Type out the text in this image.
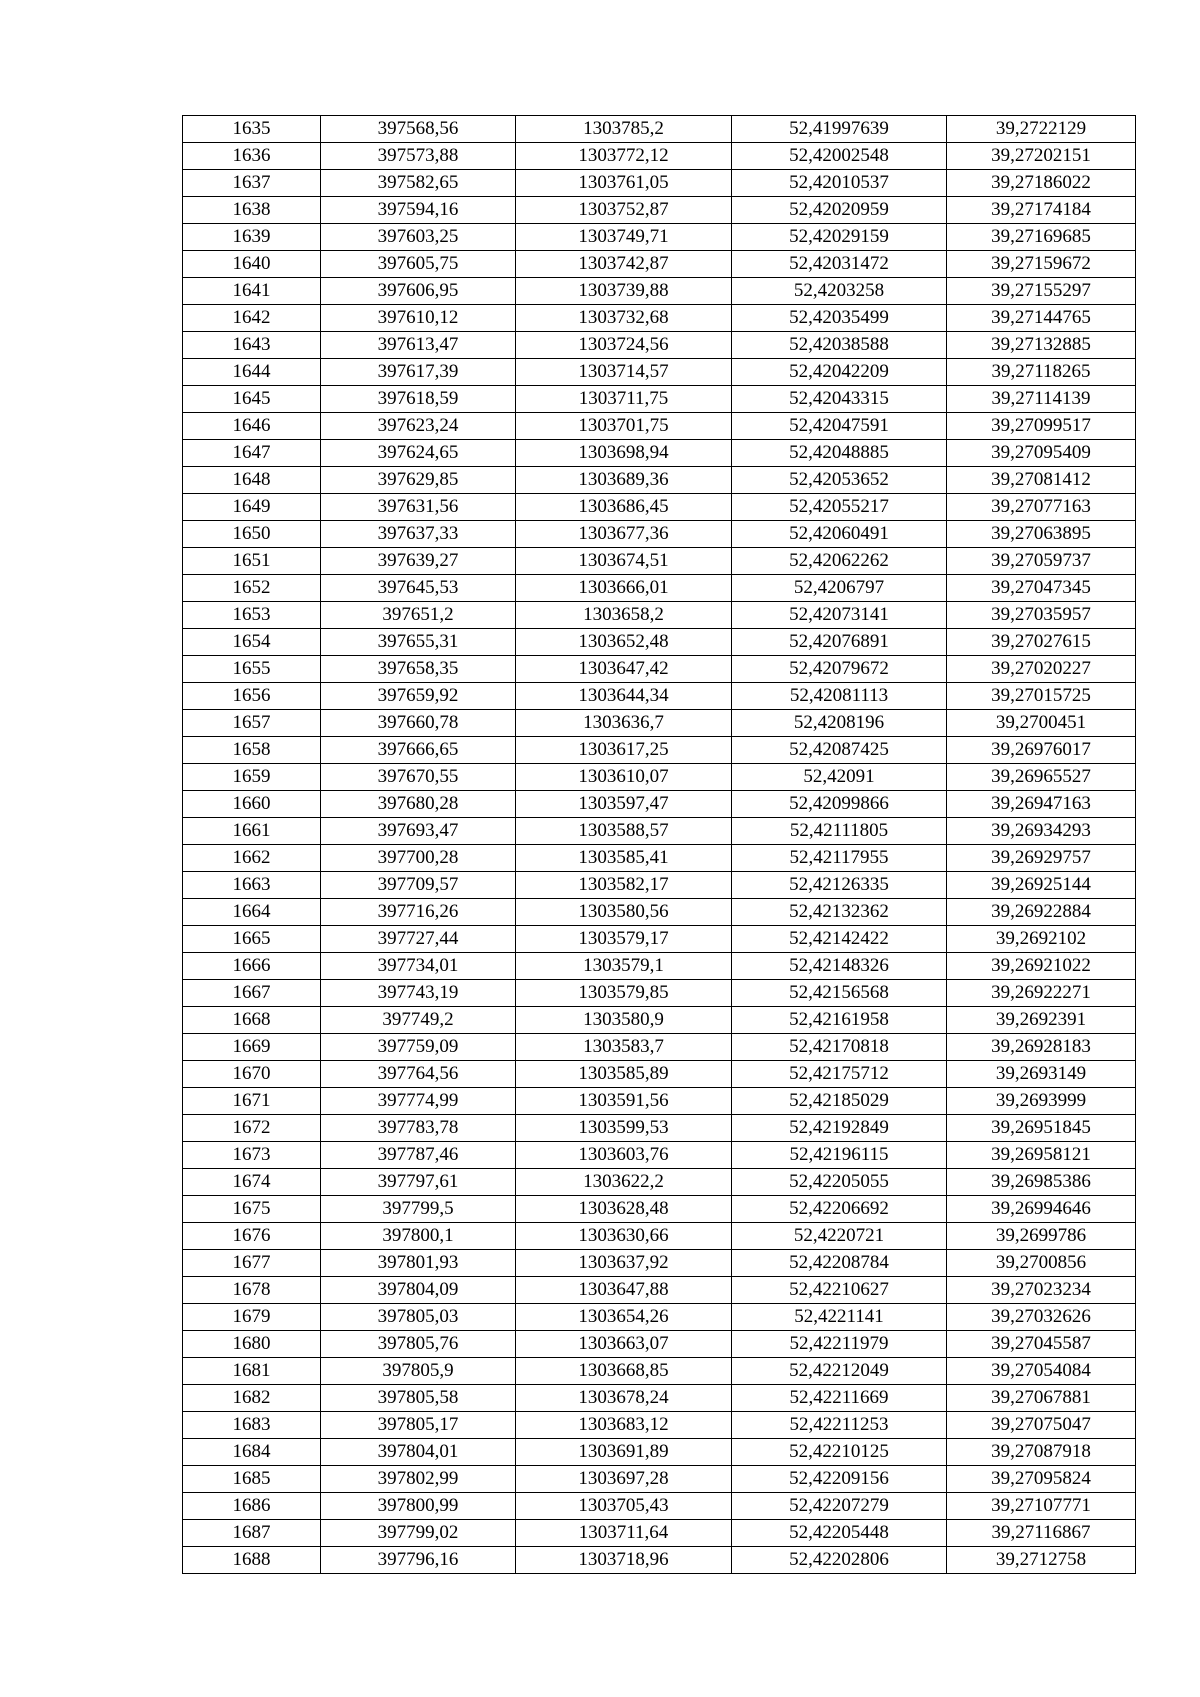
1635	397568,56	1303785,2	52,41997639	39,2722129
1636	397573,88	1303772,12	52,42002548	39,27202151
1637	397582,65	1303761,05	52,42010537	39,27186022
1638	397594,16	1303752,87	52,42020959	39,27174184
1639	397603,25	1303749,71	52,42029159	39,27169685
1640	397605,75	1303742,87	52,42031472	39,27159672
1641	397606,95	1303739,88	52,4203258	39,27155297
1642	397610,12	1303732,68	52,42035499	39,27144765
1643	397613,47	1303724,56	52,42038588	39,27132885
1644	397617,39	1303714,57	52,42042209	39,27118265
1645	397618,59	1303711,75	52,42043315	39,27114139
1646	397623,24	1303701,75	52,42047591	39,27099517
1647	397624,65	1303698,94	52,42048885	39,27095409
1648	397629,85	1303689,36	52,42053652	39,27081412
1649	397631,56	1303686,45	52,42055217	39,27077163
1650	397637,33	1303677,36	52,42060491	39,27063895
1651	397639,27	1303674,51	52,42062262	39,27059737
1652	397645,53	1303666,01	52,4206797	39,27047345
1653	397651,2	1303658,2	52,42073141	39,27035957
1654	397655,31	1303652,48	52,42076891	39,27027615
1655	397658,35	1303647,42	52,42079672	39,27020227
1656	397659,92	1303644,34	52,42081113	39,27015725
1657	397660,78	1303636,7	52,4208196	39,2700451
1658	397666,65	1303617,25	52,42087425	39,26976017
1659	397670,55	1303610,07	52,42091	39,26965527
1660	397680,28	1303597,47	52,42099866	39,26947163
1661	397693,47	1303588,57	52,42111805	39,26934293
1662	397700,28	1303585,41	52,42117955	39,26929757
1663	397709,57	1303582,17	52,42126335	39,26925144
1664	397716,26	1303580,56	52,42132362	39,26922884
1665	397727,44	1303579,17	52,42142422	39,2692102
1666	397734,01	1303579,1	52,42148326	39,26921022
1667	397743,19	1303579,85	52,42156568	39,26922271
1668	397749,2	1303580,9	52,42161958	39,2692391
1669	397759,09	1303583,7	52,42170818	39,26928183
1670	397764,56	1303585,89	52,42175712	39,2693149
1671	397774,99	1303591,56	52,42185029	39,2693999
1672	397783,78	1303599,53	52,42192849	39,26951845
1673	397787,46	1303603,76	52,42196115	39,26958121
1674	397797,61	1303622,2	52,42205055	39,26985386
1675	397799,5	1303628,48	52,42206692	39,26994646
1676	397800,1	1303630,66	52,4220721	39,2699786
1677	397801,93	1303637,92	52,42208784	39,2700856
1678	397804,09	1303647,88	52,42210627	39,27023234
1679	397805,03	1303654,26	52,4221141	39,27032626
1680	397805,76	1303663,07	52,42211979	39,27045587
1681	397805,9	1303668,85	52,42212049	39,27054084
1682	397805,58	1303678,24	52,42211669	39,27067881
1683	397805,17	1303683,12	52,42211253	39,27075047
1684	397804,01	1303691,89	52,42210125	39,27087918
1685	397802,99	1303697,28	52,42209156	39,27095824
1686	397800,99	1303705,43	52,42207279	39,27107771
1687	397799,02	1303711,64	52,42205448	39,27116867
1688	397796,16	1303718,96	52,42202806	39,2712758
